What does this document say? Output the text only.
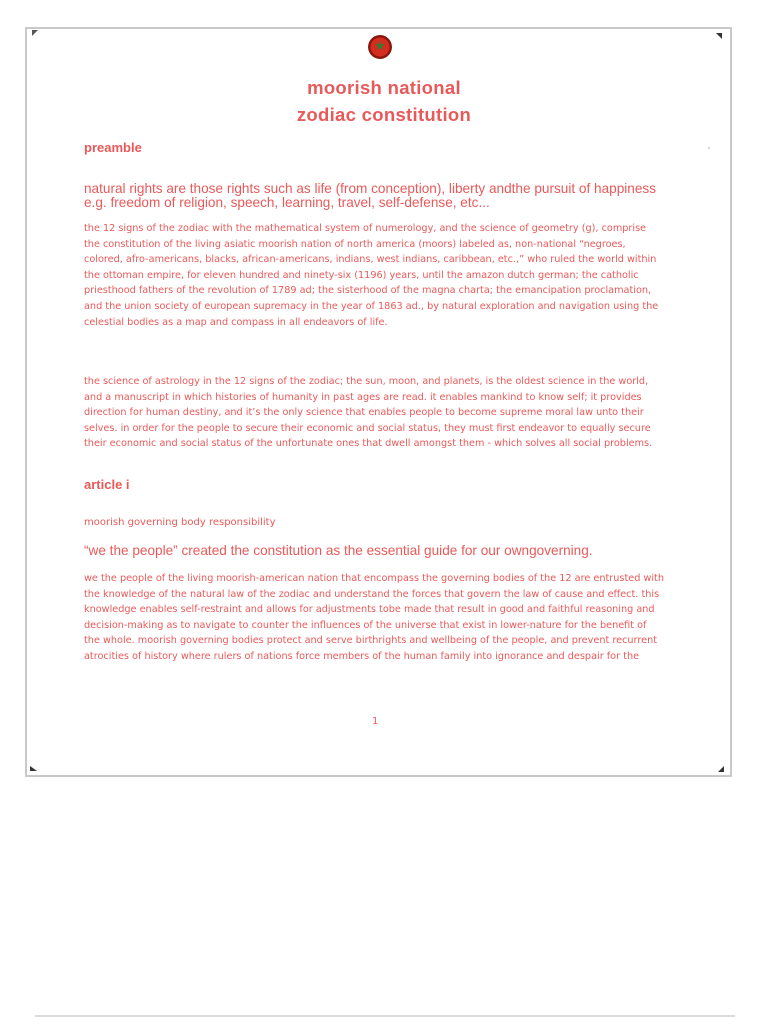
★
moorish national
zodiac constitution
preamble
natural rights are those rights such as life (from conception), liberty andthe pursuit of happiness e.g. freedom of religion, speech, learning, travel, self-defense, etc...
the 12 signs of the zodiac with the mathematical system of numerology, and the science of geometry (g), comprise the constitution of the living asiatic moorish nation of north america (moors) labeled as, non-national “negroes, colored, afro-americans, blacks, african-americans, indians, west indians, caribbean, etc.,” who ruled the world within the ottoman empire, for eleven hundred and ninety-six (1196) years, until the amazon dutch german; the catholic priesthood fathers of the revolution of 1789 ad; the sisterhood of the magna charta; the emancipation proclamation, and the union society of european supremacy in the year of 1863 ad., by natural exploration and navigation using the celestial bodies as a map and compass in all endeavors of life.
the science of astrology in the 12 signs of the zodiac; the sun, moon, and planets, is the oldest science in the world, and a manuscript in which histories of humanity in past ages are read. it enables mankind to know self; it provides direction for human destiny, and it’s the only science that enables people to become supreme moral law unto their selves. in order for the people to secure their economic and social status, they must first endeavor to equally secure their economic and social status of the unfortunate ones that dwell amongst them - which solves all social problems.
article i
moorish governing body responsibility
“we the people” created the constitution as the essential guide for our owngoverning.
we the people of the living moorish-american nation that encompass the governing bodies of the 12 are entrusted with the knowledge of the natural law of the zodiac and understand the forces that govern the law of cause and effect. this knowledge enables self-restraint and allows for adjustments tobe made that result in good and faithful reasoning and decision-making as to navigate to counter the influences of the universe that exist in lower-nature for the benefit of the whole. moorish governing bodies protect and serve birthrights and wellbeing of the people, and prevent recurrent atrocities of history where rulers of nations force members of the human family into ignorance and despair for the
1
